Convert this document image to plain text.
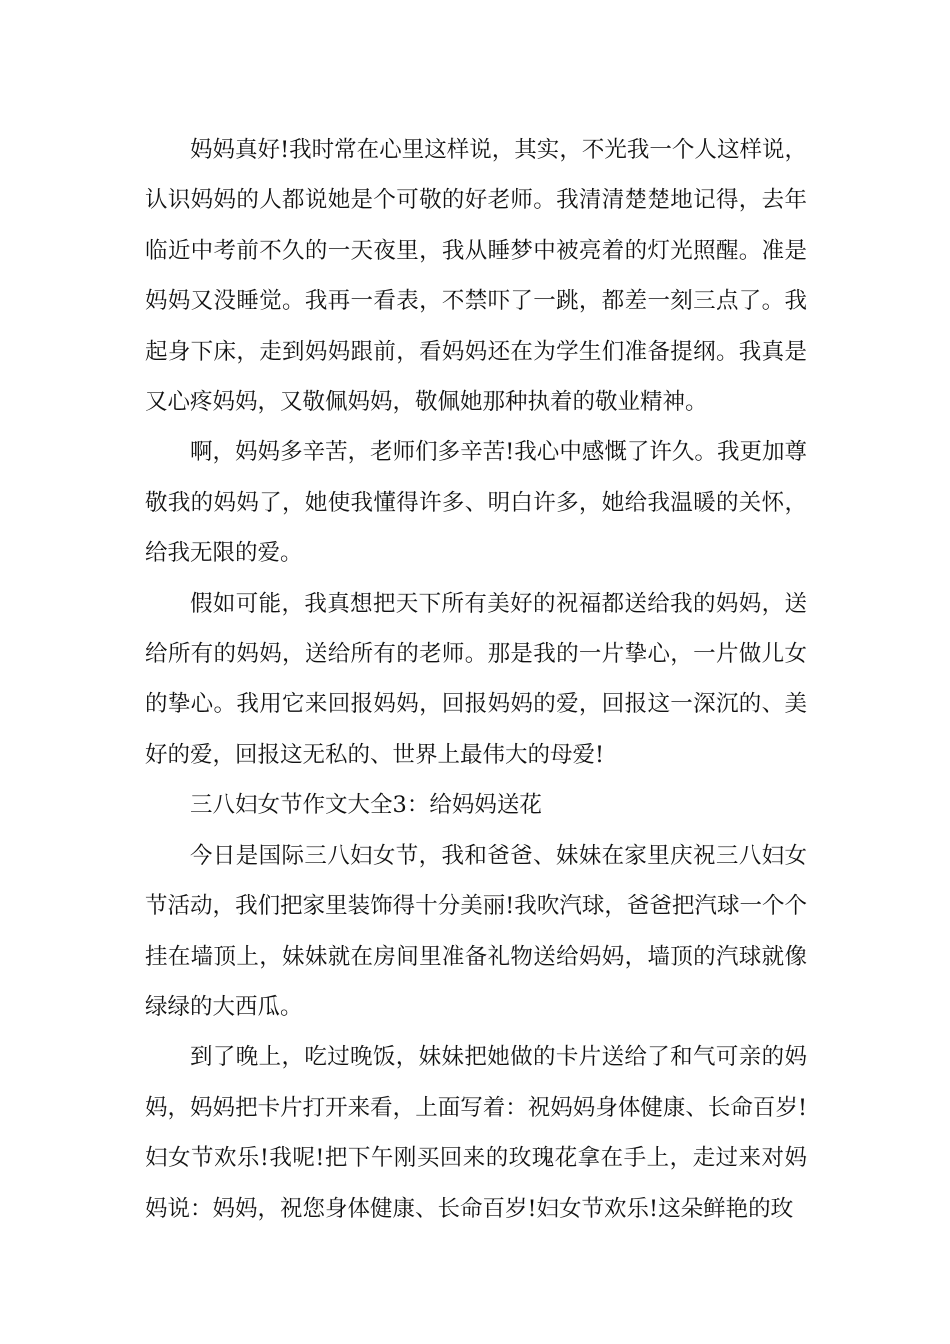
妈妈真好!我时常在心里这样说，其实，不光我一个人这样说，认识妈妈的人都说她是个可敬的好老师。我清清楚楚地记得，去年临近中考前不久的一天夜里，我从睡梦中被亮着的灯光照醒。准是妈妈又没睡觉。我再一看表，不禁吓了一跳，都差一刻三点了。我起身下床，走到妈妈跟前，看妈妈还在为学生们准备提纲。我真是又心疼妈妈，又敬佩妈妈，敬佩她那种执着的敬业精神。

啊，妈妈多辛苦，老师们多辛苦!我心中感慨了许久。我更加尊敬我的妈妈了，她使我懂得许多、明白许多，她给我温暖的关怀，给我无限的爱。

假如可能，我真想把天下所有美好的祝福都送给我的妈妈，送给所有的妈妈，送给所有的老师。那是我的一片挚心，一片做儿女的挚心。我用它来回报妈妈，回报妈妈的爱，回报这一深沉的、美好的爱，回报这无私的、世界上最伟大的母爱!

三八妇女节作文大全3：给妈妈送花

今日是国际三八妇女节，我和爸爸、妹妹在家里庆祝三八妇女节活动，我们把家里装饰得十分美丽!我吹汽球，爸爸把汽球一个个挂在墙顶上，妹妹就在房间里准备礼物送给妈妈，墙顶的汽球就像绿绿的大西瓜。

到了晚上，吃过晚饭，妹妹把她做的卡片送给了和气可亲的妈妈，妈妈把卡片打开来看，上面写着：祝妈妈身体健康、长命百岁!妇女节欢乐!我呢!把下午刚买回来的玫瑰花拿在手上，走过来对妈妈说：妈妈，祝您身体健康、长命百岁!妇女节欢乐!这朵鲜艳的玫
